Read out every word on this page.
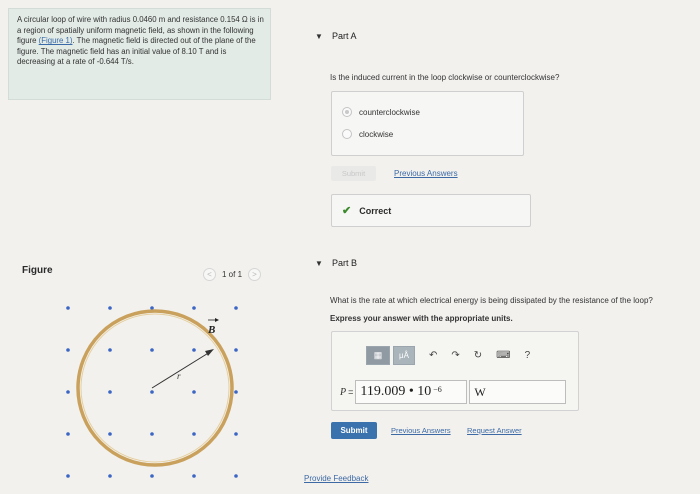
A circular loop of wire with radius 0.0460 m and resistance 0.154 Ω is in a region of spatially uniform magnetic field, as shown in the following figure (Figure 1). The magnetic field is directed out of the plane of the figure. The magnetic field has an initial value of 8.10 T and is decreasing at a rate of -0.644 T/s.
Figure	<	1 of 1	>
r
B
▼ Part A
Is the induced current in the loop clockwise or counterclockwise?
counterclockwise
clockwise
Submit	Previous Answers
✔ Correct
▼ Part B
What is the rate at which electrical energy is being dissipated by the resistance of the loop?
Express your answer with the appropriate units.
▦	μÅ	↶ ↷ ↻ ⌨ ?
P = 119.009 • 10 $^{-6}$	W
Submit	Previous Answers Request Answer
Provide Feedback
